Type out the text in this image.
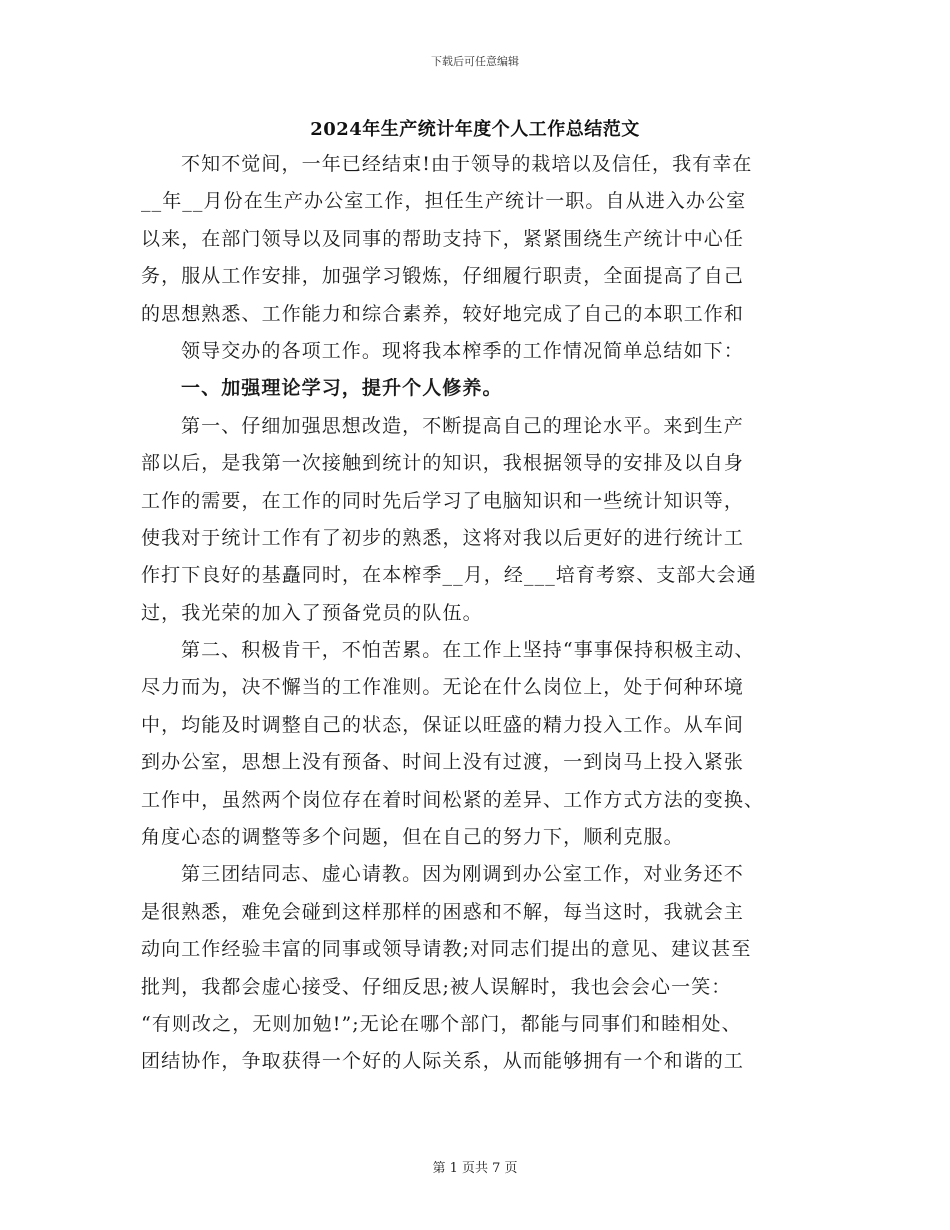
下载后可任意编辑
2024年生产统计年度个人工作总结范文
不知不觉间，一年已经结束!由于领导的栽培以及信任，我有幸在
__年__月份在生产办公室工作，担任生产统计一职。自从进入办公室
以来，在部门领导以及同事的帮助支持下，紧紧围绕生产统计中心任
务，服从工作安排，加强学习锻炼，仔细履行职责，全面提高了自己
的思想熟悉、工作能力和综合素养，较好地完成了自己的本职工作和
领导交办的各项工作。现将我本榨季的工作情况简单总结如下：
一、加强理论学习，提升个人修养。
第一、仔细加强思想改造，不断提高自己的理论水平。来到生产
部以后，是我第一次接触到统计的知识，我根据领导的安排及以自身
工作的需要，在工作的同时先后学习了电脑知识和一些统计知识等，
使我对于统计工作有了初步的熟悉，这将对我以后更好的进行统计工
作打下良好的基矗同时，在本榨季__月，经___培育考察、支部大会通
过，我光荣的加入了预备党员的队伍。
第二、积极肯干，不怕苦累。在工作上坚持“事事保持积极主动、
尽力而为，决不懈当的工作准则。无论在什么岗位上，处于何种环境
中，均能及时调整自己的状态，保证以旺盛的精力投入工作。从车间
到办公室，思想上没有预备、时间上没有过渡，一到岗马上投入紧张
工作中，虽然两个岗位存在着时间松紧的差异、工作方式方法的变换、
角度心态的调整等多个问题，但在自己的努力下，顺利克服。
第三团结同志、虚心请教。因为刚调到办公室工作，对业务还不
是很熟悉，难免会碰到这样那样的困惑和不解，每当这时，我就会主
动向工作经验丰富的同事或领导请教;对同志们提出的意见、建议甚至
批判，我都会虚心接受、仔细反思;被人误解时，我也会会心一笑：
“有则改之，无则加勉!”;无论在哪个部门，都能与同事们和睦相处、
团结协作，争取获得一个好的人际关系，从而能够拥有一个和谐的工
第 1 页共 7 页
